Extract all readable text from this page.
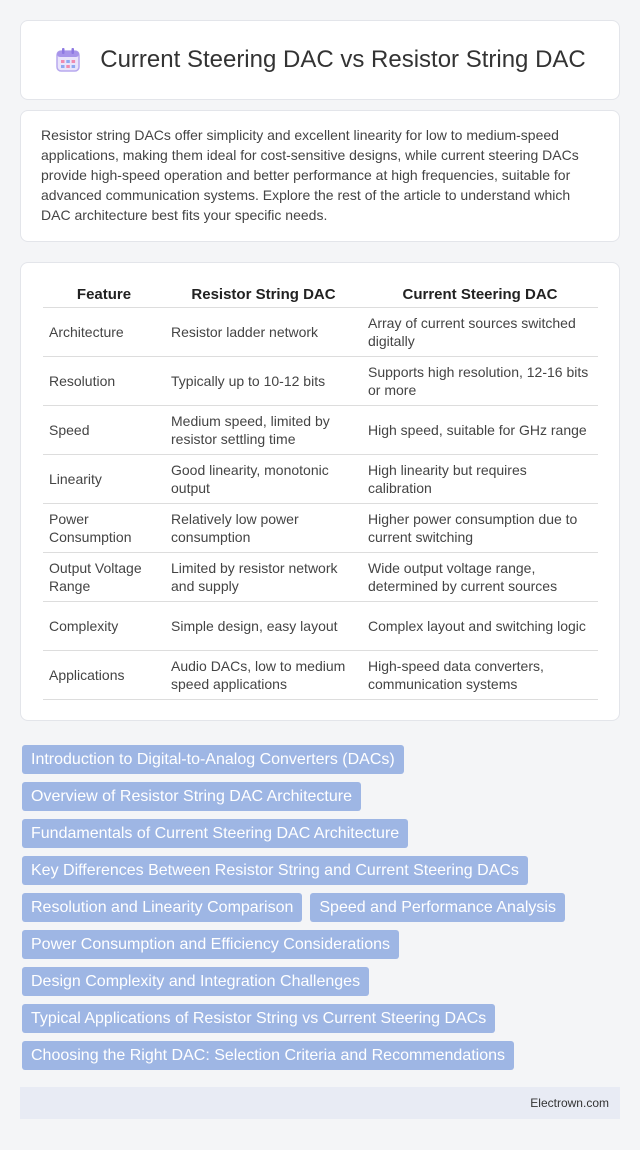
Current Steering DAC vs Resistor String DAC

Resistor string DACs offer simplicity and excellent linearity for low to medium-speed applications, making them ideal for cost-sensitive designs, while current steering DACs provide high-speed operation and better performance at high frequencies, suitable for advanced communication systems. Explore the rest of the article to understand which DAC architecture best fits your specific needs.

Feature	Resistor String DAC	Current Steering DAC
Architecture	Resistor ladder network	Array of current sources switched digitally
Resolution	Typically up to 10-12 bits	Supports high resolution, 12-16 bits or more
Speed	Medium speed, limited by resistor settling time	High speed, suitable for GHz range
Linearity	Good linearity, monotonic output	High linearity but requires calibration
Power Consumption	Relatively low power consumption	Higher power consumption due to current switching
Output Voltage Range	Limited by resistor network and supply	Wide output voltage range, determined by current sources
Complexity	Simple design, easy layout	Complex layout and switching logic
Applications	Audio DACs, low to medium speed applications	High-speed data converters, communication systems
Introduction to Digital-to-Analog Converters (DACs)
Overview of Resistor String DAC Architecture
Fundamentals of Current Steering DAC Architecture
Key Differences Between Resistor String and Current Steering DACs
Resolution and Linearity Comparison	Speed and Performance Analysis
Power Consumption and Efficiency Considerations
Design Complexity and Integration Challenges
Typical Applications of Resistor String vs Current Steering DACs
Choosing the Right DAC: Selection Criteria and Recommendations
Electrown.com
